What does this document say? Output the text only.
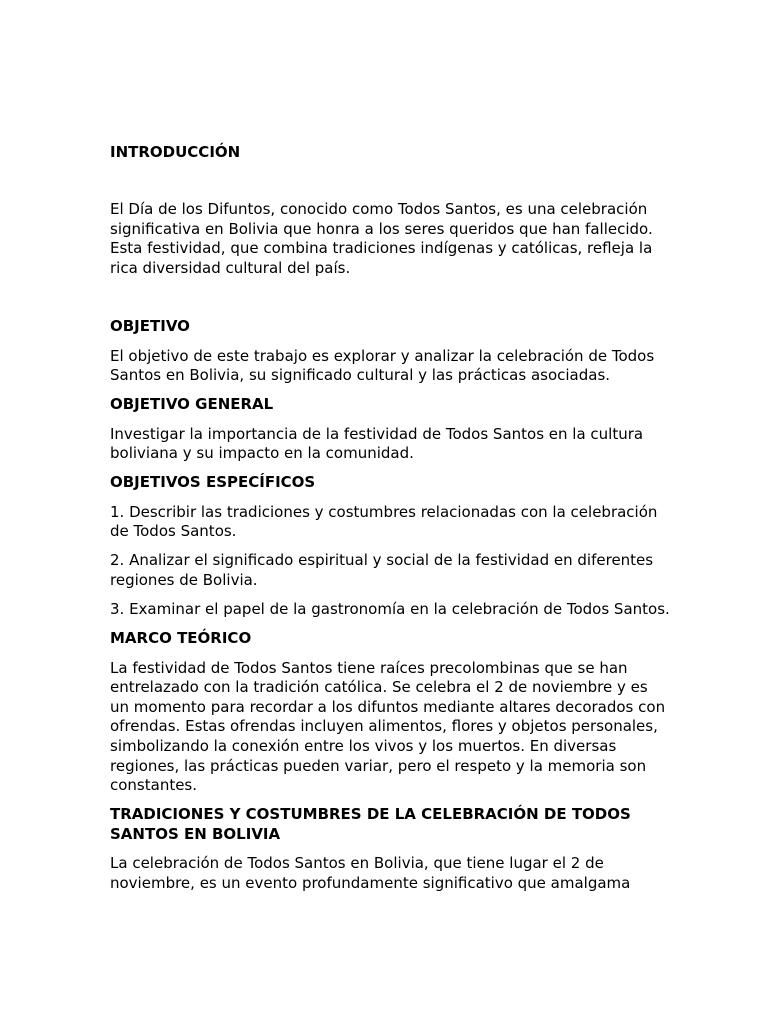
INTRODUCCIÓN

El Día de los Difuntos, conocido como Todos Santos, es una celebración significativa en Bolivia que honra a los seres queridos que han fallecido. Esta festividad, que combina tradiciones indígenas y católicas, refleja la rica diversidad cultural del país.

OBJETIVO

El objetivo de este trabajo es explorar y analizar la celebración de Todos Santos en Bolivia, su significado cultural y las prácticas asociadas.

OBJETIVO GENERAL

Investigar la importancia de la festividad de Todos Santos en la cultura boliviana y su impacto en la comunidad.

OBJETIVOS ESPECÍFICOS

1. Describir las tradiciones y costumbres relacionadas con la celebración de Todos Santos.

2. Analizar el significado espiritual y social de la festividad en diferentes regiones de Bolivia.

3. Examinar el papel de la gastronomía en la celebración de Todos Santos.

MARCO TEÓRICO

La festividad de Todos Santos tiene raíces precolombinas que se han entrelazado con la tradición católica. Se celebra el 2 de noviembre y es un momento para recordar a los difuntos mediante altares decorados con ofrendas. Estas ofrendas incluyen alimentos, flores y objetos personales, simbolizando la conexión entre los vivos y los muertos. En diversas regiones, las prácticas pueden variar, pero el respeto y la memoria son constantes.

TRADICIONES Y COSTUMBRES DE LA CELEBRACIÓN DE TODOS SANTOS EN BOLIVIA

La celebración de Todos Santos en Bolivia, que tiene lugar el 2 de noviembre, es un evento profundamente significativo que amalgama
